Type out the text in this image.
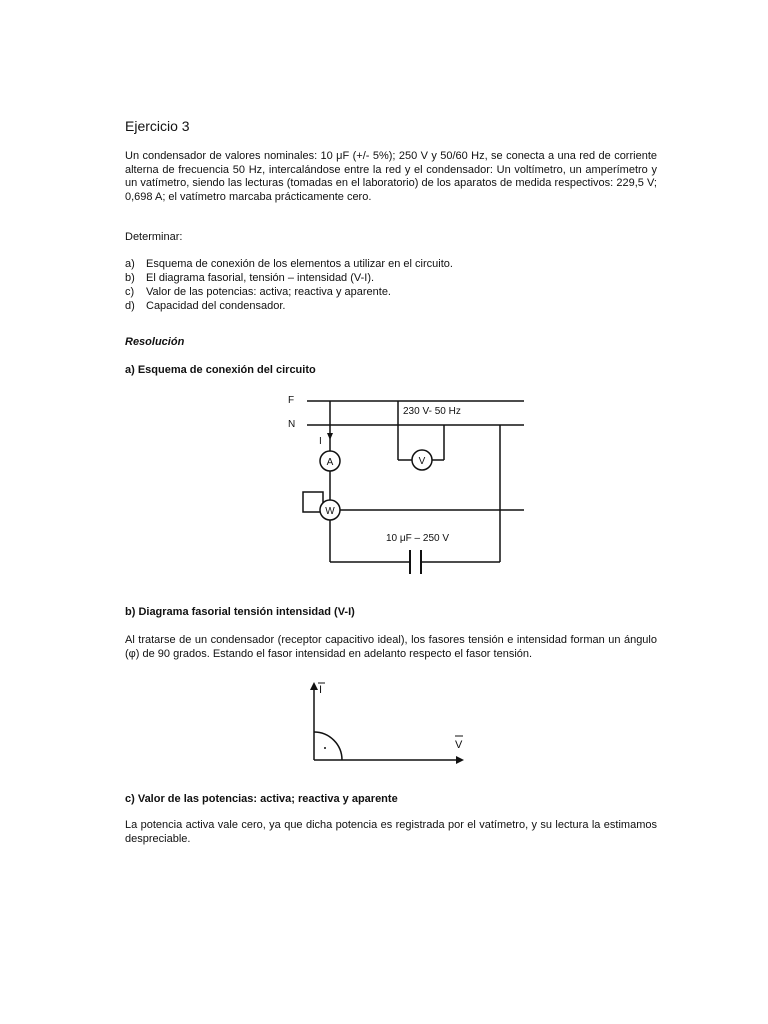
Ejercicio 3
Un condensador de valores nominales: 10 μF (+/- 5%); 250 V y 50/60 Hz, se conecta a una red de corriente alterna de frecuencia 50 Hz, intercalándose entre la red y el condensador: Un voltímetro, un amperímetro y un vatímetro, siendo las lecturas (tomadas en el laboratorio) de los aparatos de medida respectivos: 229,5 V; 0,698 A; el vatímetro marcaba prácticamente cero.
Determinar:
a) Esquema de conexión de los elementos a utilizar en el circuito.
b) El diagrama fasorial, tensión – intensidad (V-I).
c) Valor de las potencias: activa; reactiva y aparente.
d) Capacidad del condensador.
Resolución
a) Esquema de conexión del circuito
F
N
I
V
230 V- 50 Hz
A
W
10 μF – 250 V
b) Diagrama fasorial tensión intensidad (V-I)
Al tratarse de un condensador (receptor capacitivo ideal), los fasores tensión e intensidad forman un ángulo (φ) de 90 grados. Estando el fasor intensidad en adelanto respecto el fasor tensión.
I
V
c) Valor de las potencias: activa; reactiva y aparente
La potencia activa vale cero, ya que dicha potencia es registrada por el vatímetro, y su lectura la estimamos despreciable.
